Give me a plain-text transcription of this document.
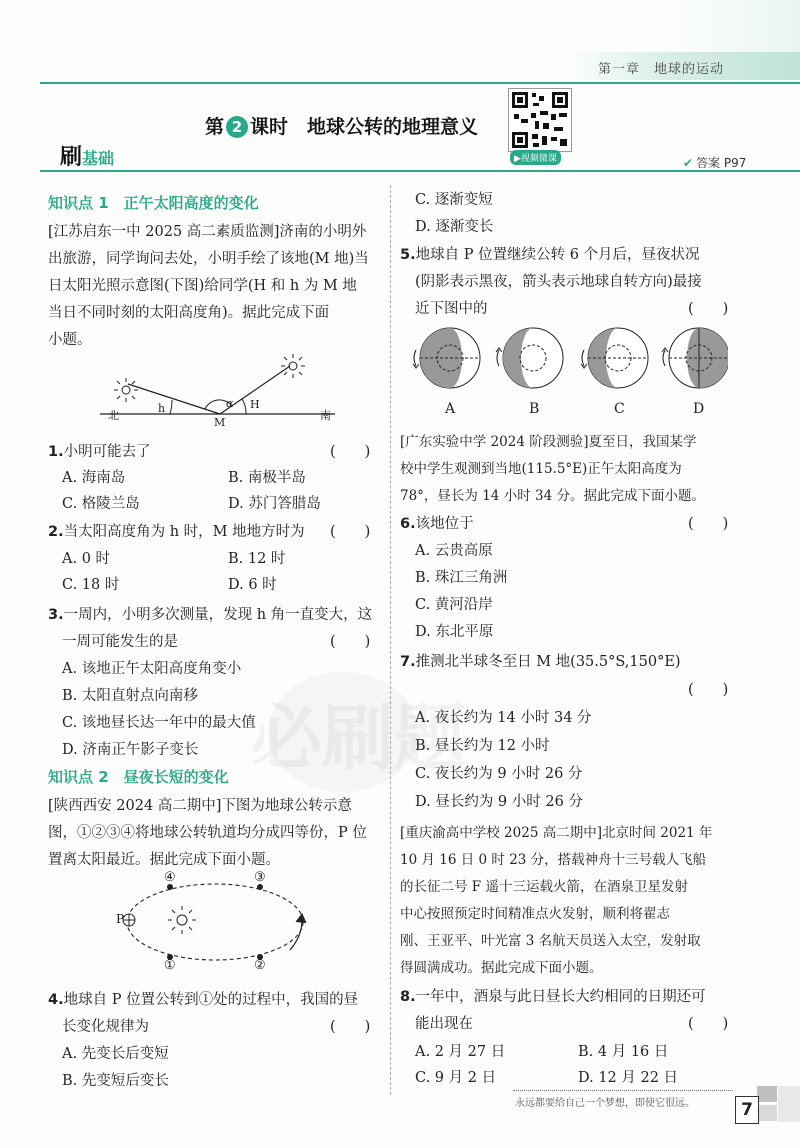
第一章　地球的运动
第 2 课时　地球公转的地理意义
▶视频微课
刷基础	✔ 答案 P97
知识点 1　正午太阳高度的变化
[江苏启东一中 2025 高二素质监测]济南的小明外
出旅游，同学询问去处，小明手绘了该地(M 地)当
日太阳光照示意图(下图)给同学(H 和 h 为 M 地
当日不同时刻的太阳高度角)。据此完成下面
小题。
北	南
h	α H
M
1.小明可能去了	(　　)
A. 海南岛	B. 南极半岛
C. 格陵兰岛	D. 苏门答腊岛
2.当太阳高度角为 h 时，M 地地方时为 (　　)
A. 0 时	B. 12 时
C. 18 时	D. 6 时
3.一周内，小明多次测量，发现 h 角一直变大，这
一周可能发生的是	(　　)
A. 该地正午太阳高度角变小
B. 太阳直射点向南移
C. 该地昼长达一年中的最大值
D. 济南正午影子变长
知识点 2　昼夜长短的变化
[陕西西安 2024 高二期中]下图为地球公转示意
图，①②③④将地球公转轨道均分成四等份，P 位
置离太阳最近。据此完成下面小题。
④	③
①	②
P
4.地球自 P 位置公转到①处的过程中，我国的昼
长变化规律为	(　　)
A. 先变长后变短
B. 先变短后变长
C. 逐渐变短
D. 逐渐变长
5.地球自 P 位置继续公转 6 个月后，昼夜状况
(阴影表示黑夜，箭头表示地球自转方向)最接
近下图中的	(　　)
A	B	C	D
[广东实验中学 2024 阶段测验]夏至日，我国某学
校中学生观测到当地(115.5°E)正午太阳高度为
78°，昼长为 14 小时 34 分。据此完成下面小题。
6.该地位于	(　　)
A. 云贵高原
B. 珠江三角洲
C. 黄河沿岸
D. 东北平原
7.推测北半球冬至日 M 地(35.5°S,150°E)
(　　)
A. 夜长约为 14 小时 34 分
B. 昼长约为 12 小时
C. 夜长约为 9 小时 26 分
D. 昼长约为 9 小时 26 分
[重庆渝高中学校 2025 高二期中]北京时间 2021 年
10 月 16 日 0 时 23 分，搭载神舟十三号载人飞船
的长征二号 F 遥十三运载火箭，在酒泉卫星发射
中心按照预定时间精准点火发射，顺利将翟志
刚、王亚平、叶光富 3 名航天员送入太空，发射取
得圆满成功。据此完成下面小题。
8.一年中，酒泉与此日昼长大约相同的日期还可
能出现在	(　　)
A. 2 月 27 日	B. 4 月 16 日
C. 9 月 2 日	D. 12 月 22 日
永远都要给自己一个梦想，即使它很远。	7
